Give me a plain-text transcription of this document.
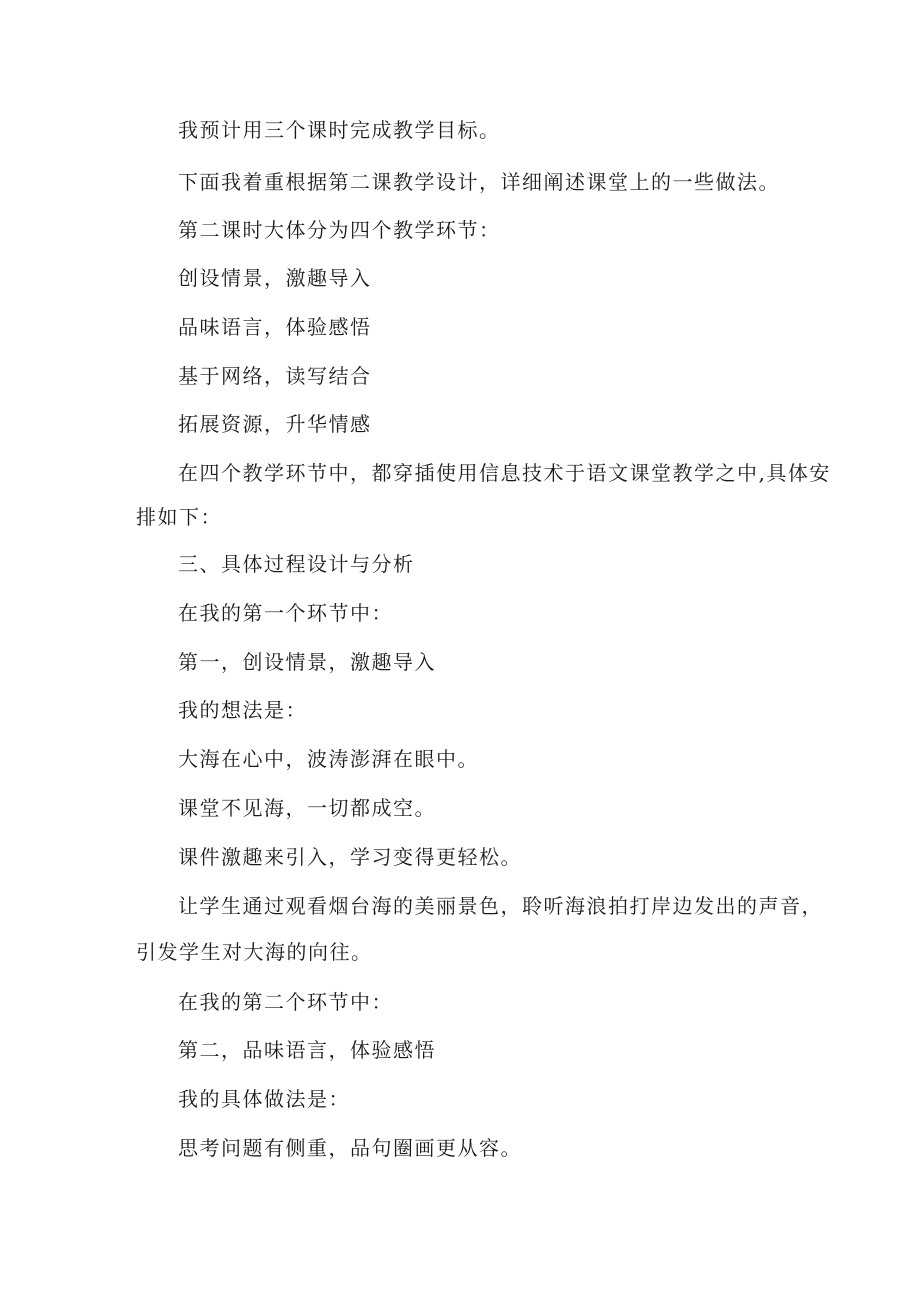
我预计用三个课时完成教学目标。
下面我着重根据第二课教学设计，详细阐述课堂上的一些做法。
第二课时大体分为四个教学环节：
创设情景，激趣导入
品味语言，体验感悟
基于网络，读写结合
拓展资源，升华情感
在四个教学环节中，都穿插使用信息技术于语文课堂教学之中,具体安
排如下：
三、具体过程设计与分析
在我的第一个环节中：
第一，创设情景，激趣导入
我的想法是：
大海在心中，波涛澎湃在眼中。
课堂不见海，一切都成空。
课件激趣来引入，学习变得更轻松。
让学生通过观看烟台海的美丽景色，聆听海浪拍打岸边发出的声音，
引发学生对大海的向往。
在我的第二个环节中：
第二，品味语言，体验感悟
我的具体做法是：
思考问题有侧重，品句圈画更从容。
